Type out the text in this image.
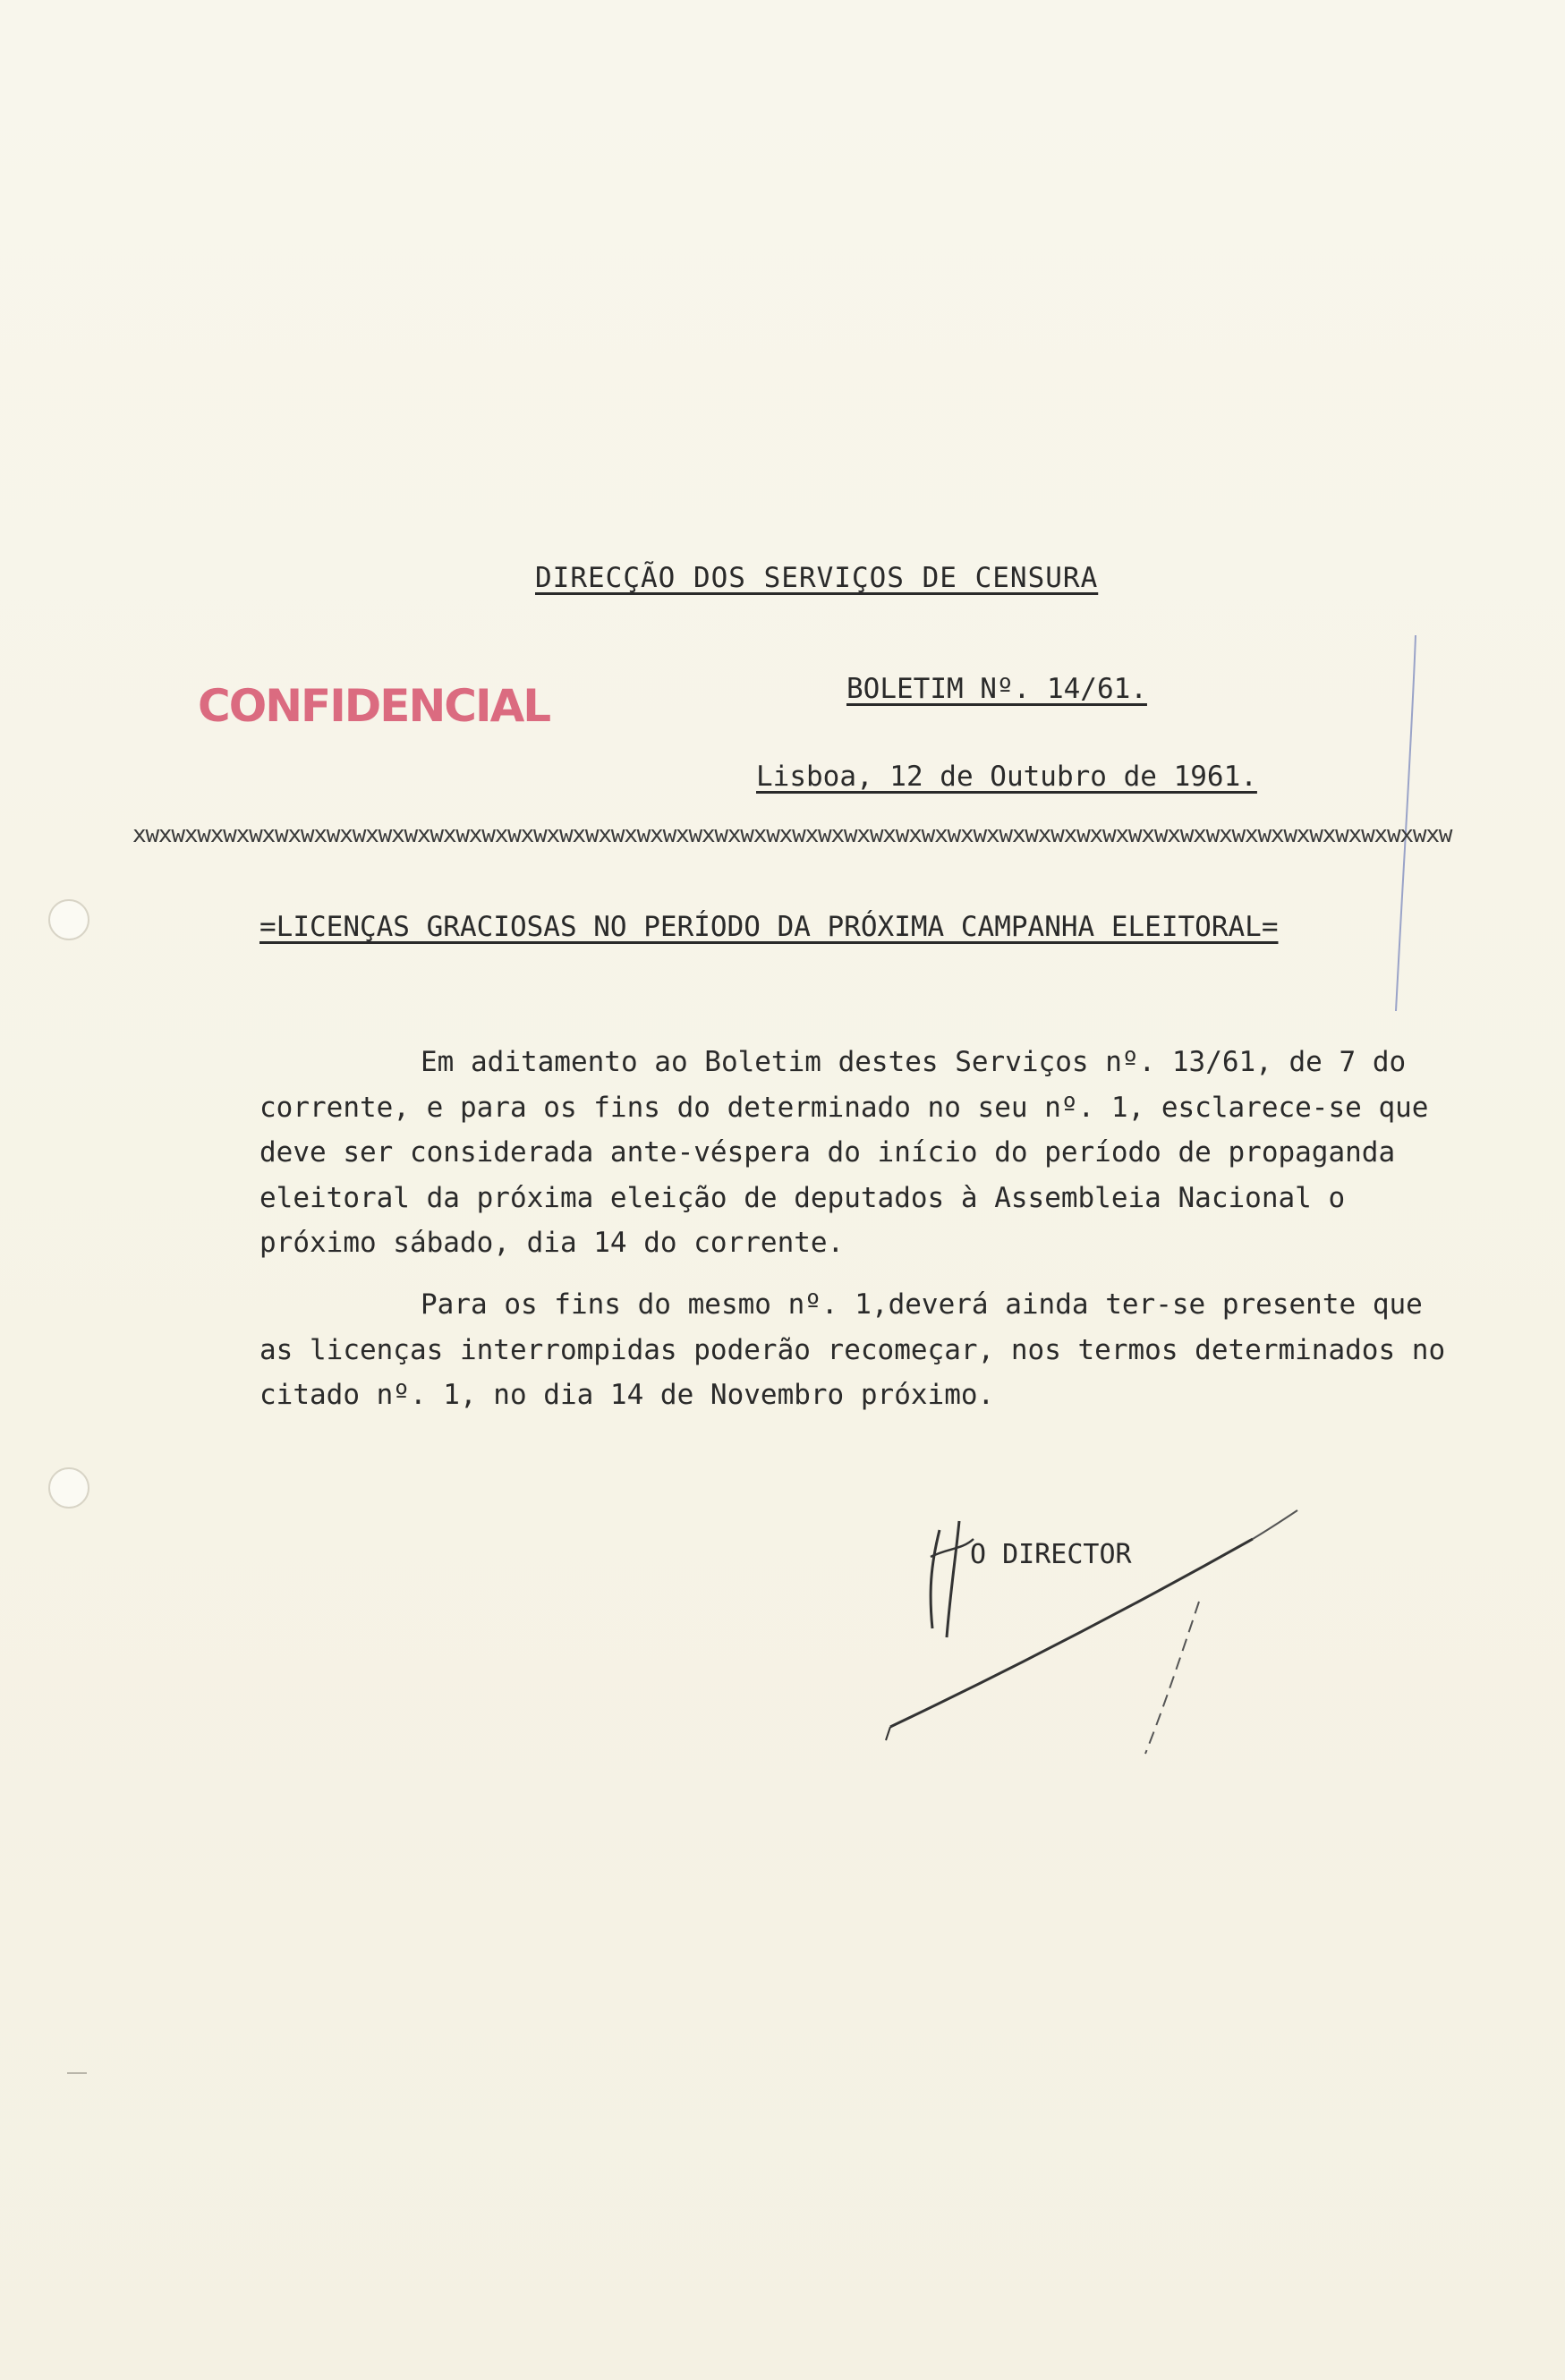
DIRECÇÃO DOS SERVIÇOS DE CENSURA
CONFIDENCIAL	BOLETIM Nº. 14/61.
Lisboa, 12 de Outubro de 1961.
xwxwxwxwxwxwxwxwxwxwxwxwxwxwxwxwxwxwxwxwxwxwxwxwxwxwxwxwxwxwxwxwxwxwxwxwxwxwxwxwxwxwxwxwxwxwxwxwxwxwxw
=LICENÇAS GRACIOSAS NO PERÍODO DA PRÓXIMA CAMPANHA ELEITORAL=

Em aditamento ao Boletim destes Serviços nº. 13/61, de 7 do corrente, e para os fins do determinado no seu nº. 1, esclarece-se que deve ser considerada ante-véspera do início do período de propaganda eleitoral da próxima eleição de deputados à Assembleia Nacional o próximo sábado, dia 14 do corrente.

Para os fins do mesmo nº. 1,deverá ainda ter-se presente que as licenças interrompidas poderão recomeçar, nos termos determinados no citado nº. 1, no dia 14 de Novembro próximo.

O DIRECTOR
